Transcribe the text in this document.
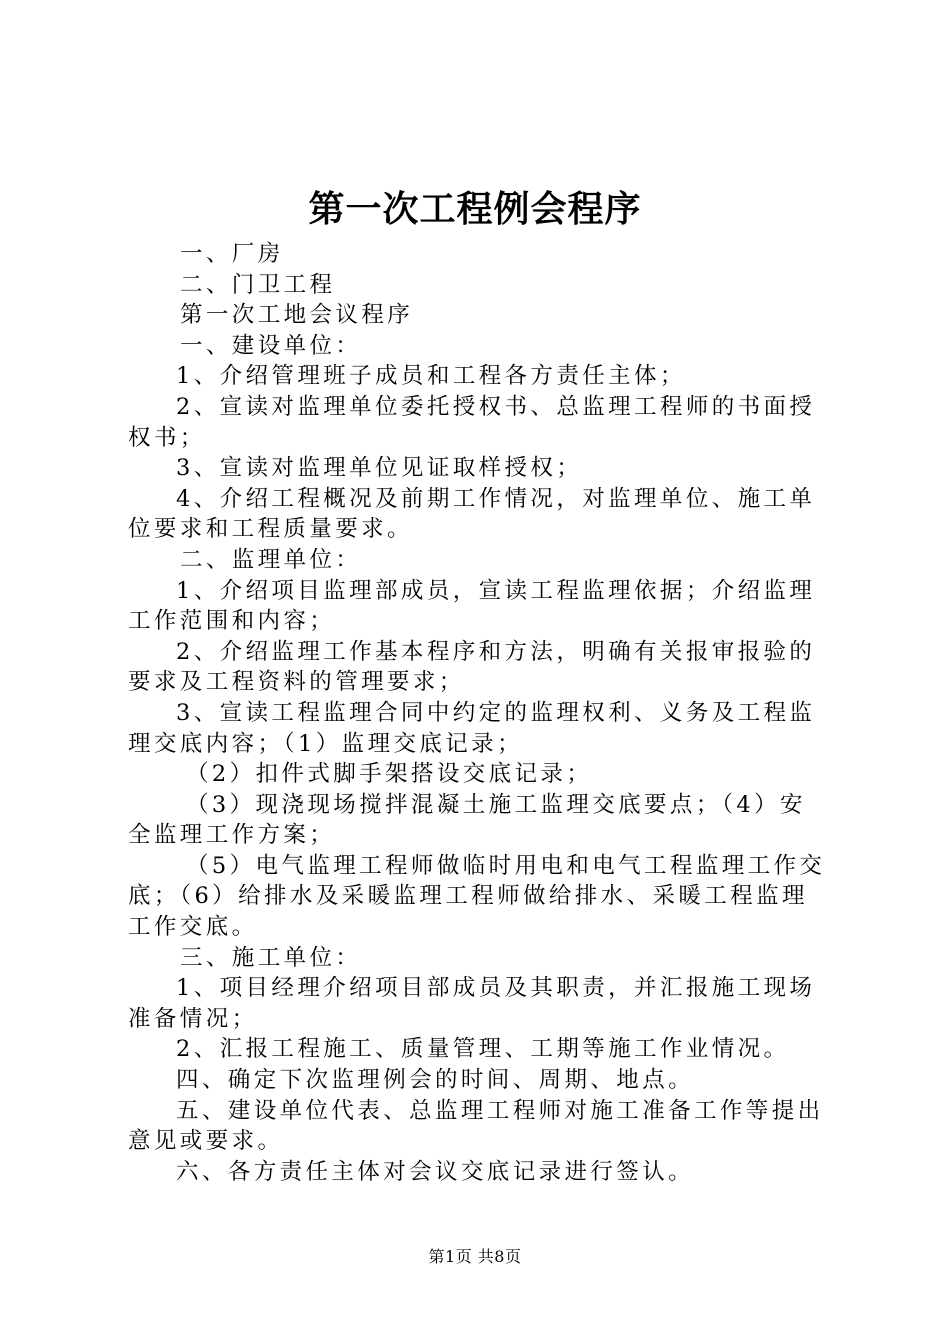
第一次工程例会程序

一、厂房

二、门卫工程

第一次工地会议程序

一、建设单位：

1、介绍管理班子成员和工程各方责任主体；

2、宣读对监理单位委托授权书、总监理工程师的书面授权书；

3、宣读对监理单位见证取样授权；

4、介绍工程概况及前期工作情况，对监理单位、施工单位要求和工程质量要求。

二、监理单位：

1、介绍项目监理部成员，宣读工程监理依据；介绍监理工作范围和内容；

2、介绍监理工作基本程序和方法，明确有关报审报验的要求及工程资料的管理要求；

3、宣读工程监理合同中约定的监理权利、义务及工程监理交底内容；（1）监理交底记录；

（2）扣件式脚手架搭设交底记录；

（3）现浇现场搅拌混凝土施工监理交底要点；（4）安全监理工作方案；

（5）电气监理工程师做临时用电和电气工程监理工作交底；（6）给排水及采暖监理工程师做给排水、采暖工程监理工作交底。

三、施工单位：

1、项目经理介绍项目部成员及其职责，并汇报施工现场准备情况；

2、汇报工程施工、质量管理、工期等施工作业情况。

四、确定下次监理例会的时间、周期、地点。

五、建设单位代表、总监理工程师对施工准备工作等提出意见或要求。

六、各方责任主体对会议交底记录进行签认。

第1页 共8页
